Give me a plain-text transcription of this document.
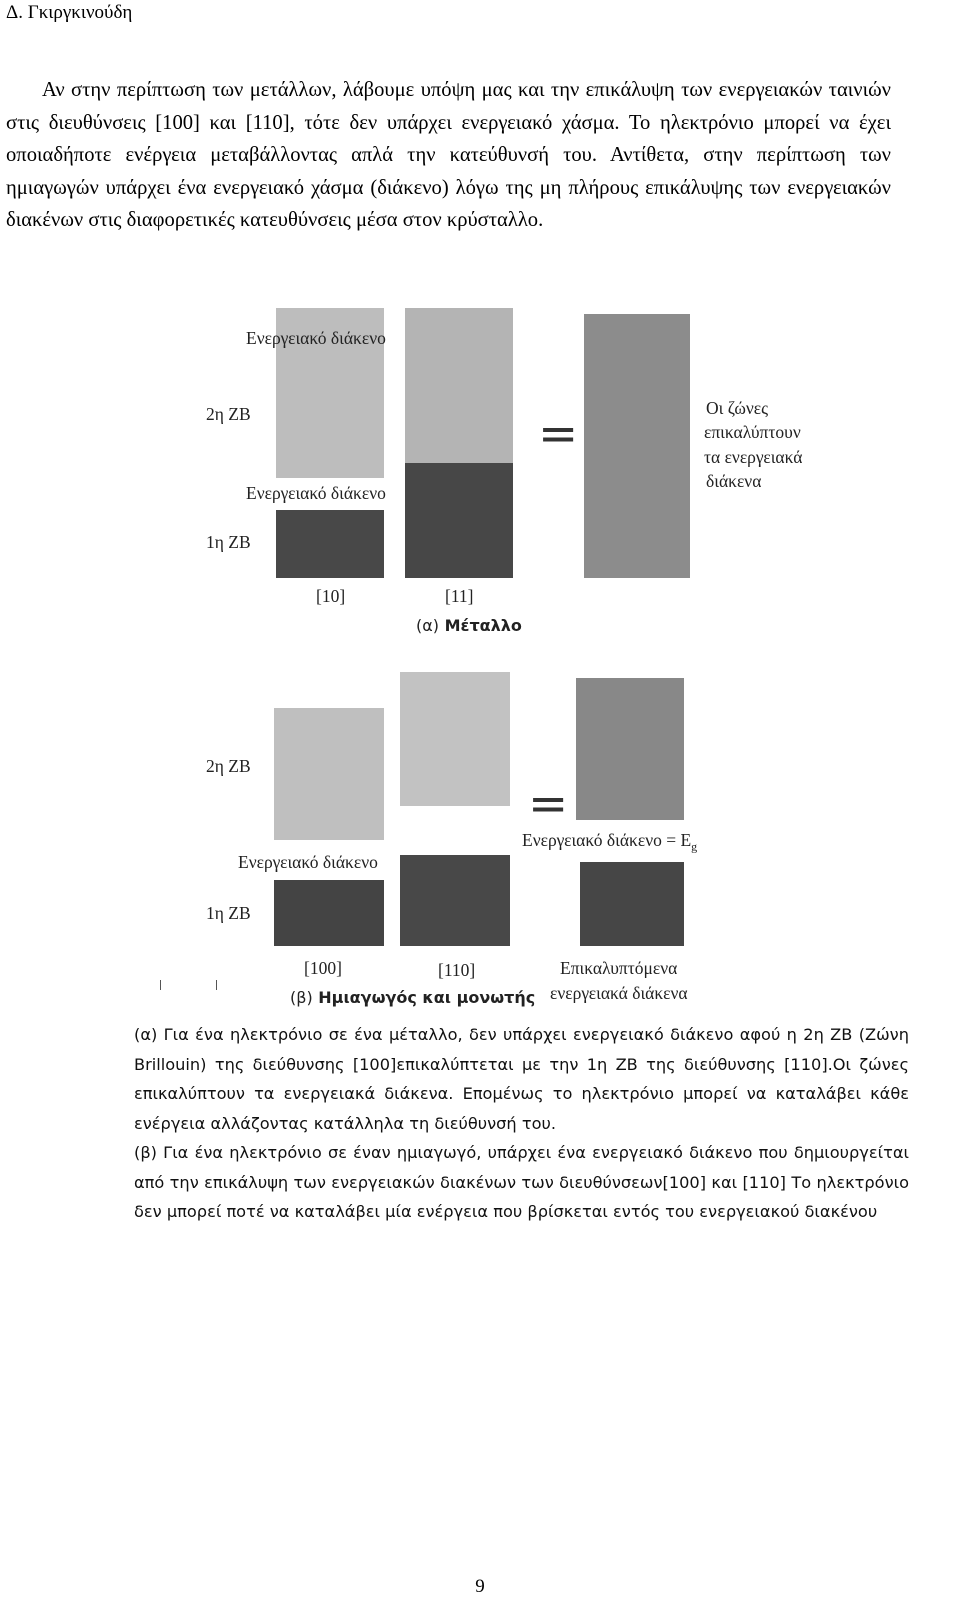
Δ. Γκιργκινούδη
Αν στην περίπτωση των μετάλλων, λάβουμε υπόψη μας και την επικάλυψη των ενεργειακών ταινιών στις διευθύνσεις [100] και [110], τότε δεν υπάρχει ενεργειακό χάσμα. Το ηλεκτρόνιο μπορεί να έχει οποιαδήποτε ενέργεια μεταβάλλοντας απλά την κατεύθυνσή του. Αντίθετα, στην περίπτωση των ημιαγωγών υπάρχει ένα ενεργειακό χάσμα (διάκενο) λόγω της μη πλήρους επικάλυψης των ενεργειακών διακένων στις διαφορετικές κατευθύνσεις μέσα στον κρύσταλλο.
Ενεργειακό διάκενο
2η ΖΒ
Ενεργειακό διάκενο
1η ΖΒ
[10]	[11]
=	Οι ζώνες
επικαλύπτουν
τα ενεργειακά
διάκενα
(α) Μέταλλο
2η ΖΒ
Ενεργειακό διάκενο
1η ΖΒ
[100]	[110]
=
Ενεργειακό $\delta\iota ά\kappa\varepsilon\nu o = E_g$
Επικαλυπτόμενα
ενεργειακά διάκενα
(β) Ημιαγωγός και μονωτής

(α) Για ένα ηλεκτρόνιο σε ένα μέταλλο, δεν υπάρχει ενεργειακό διάκενο αφού η 2η ΖΒ (Ζώνη Brillouin) της διεύθυνσης [100]επικαλύπτεται με την 1η ΖΒ της διεύθυνσης [110].Οι ζώνες επικαλύπτουν τα ενεργειακά διάκενα. Επομένως το ηλεκτρόνιο μπορεί να καταλάβει κάθε ενέργεια αλλάζοντας κατάλληλα τη διεύθυνσή του.

(β) Για ένα ηλεκτρόνιο σε έναν ημιαγωγό, υπάρχει ένα ενεργειακό διάκενο που δημιουργείται από την επικάλυψη των ενεργειακών διακένων των διευθύνσεων[100] και [110] Το ηλεκτρόνιο δεν μπορεί ποτέ να καταλάβει μία ενέργεια που βρίσκεται εντός του ενεργειακού διακένου

9
